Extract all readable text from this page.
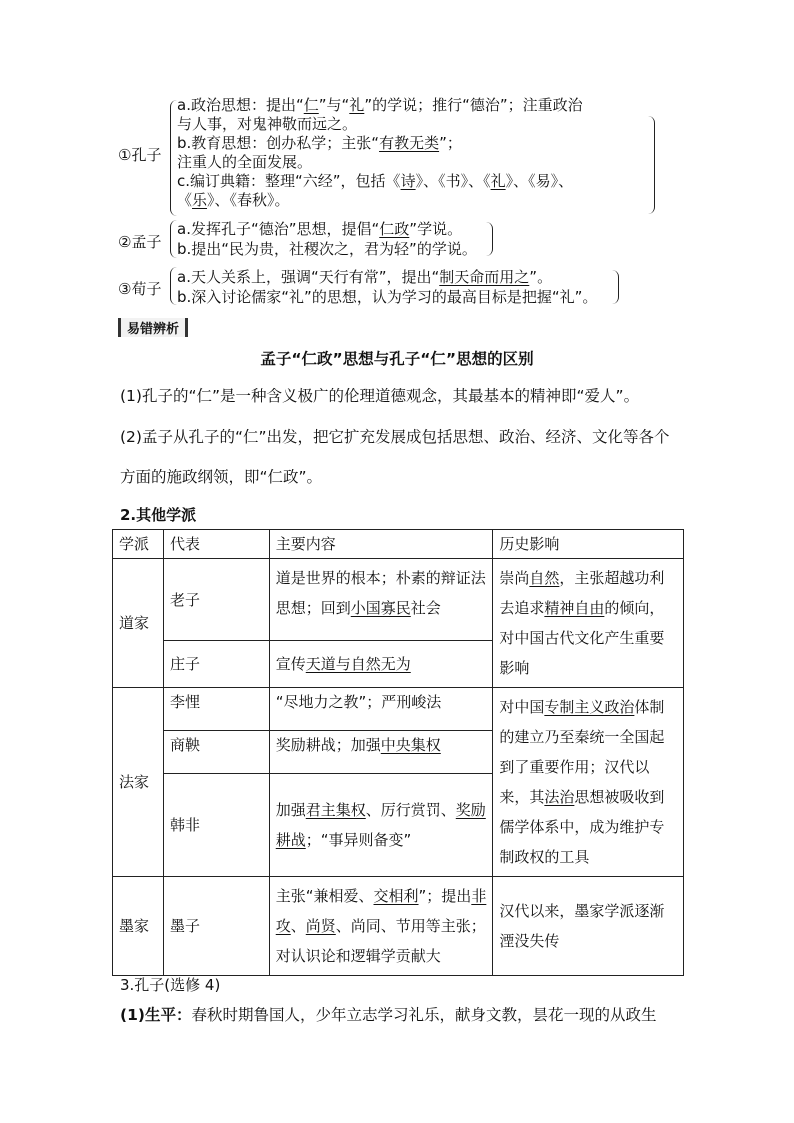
①孔子
a.政治思想：提出“仁”与“礼”的学说；推行“德治”；注重政治
与人事，对鬼神敬而远之。
b.教育思想：创办私学；主张“有教无类”；
注重人的全面发展。
c.编订典籍：整理“六经”，包括《诗》、《书》、《礼》、《易》、
《乐》、《春秋》。
②孟子
a.发挥孔子“德治”思想，提倡“仁政”学说。
b.提出“民为贵，社稷次之，君为轻”的学说。
③荀子
a.天人关系上，强调“天行有常”，提出“制天命而用之”。
b.深入讨论儒家“礼”的思想，认为学习的最高目标是把握“礼”。
易错辨析
孟子“仁政”思想与孔子“仁”思想的区别
(1)孔子的“仁”是一种含义极广的伦理道德观念，其最基本的精神即“爱人”。
(2)孟子从孔子的“仁”出发，把它扩充发展成包括思想、政治、经济、文化等各个
方面的施政纲领，即“仁政”。
2.其他学派
学派	代表	主要内容	历史影响
道家	老子	道是世界的根本；朴素的辩证法思想；回到小国寡民社会	崇尚自然，主张超越功利去追求精神自由的倾向，对中国古代文化产生重要影响
	庄子	宣传天道与自然无为	
法家	李悝	“尽地力之教”；严刑峻法	对中国专制主义政治体制的建立乃至秦统一全国起到了重要作用；汉代以来，其法治思想被吸收到儒学体系中，成为维护专制政权的工具
	商鞅	奖励耕战；加强中央集权	
	韩非	加强君主集权、厉行赏罚、奖励耕战；“事异则备变”	
墨家	墨子	主张“兼相爱、交相利”；提出非攻、尚贤、尚同、节用等主张；对认识论和逻辑学贡献大	汉代以来，墨家学派逐渐湮没失传
3.孔子(选修 4)
(1)生平：春秋时期鲁国人，少年立志学习礼乐，献身文教，昙花一现的从政生
